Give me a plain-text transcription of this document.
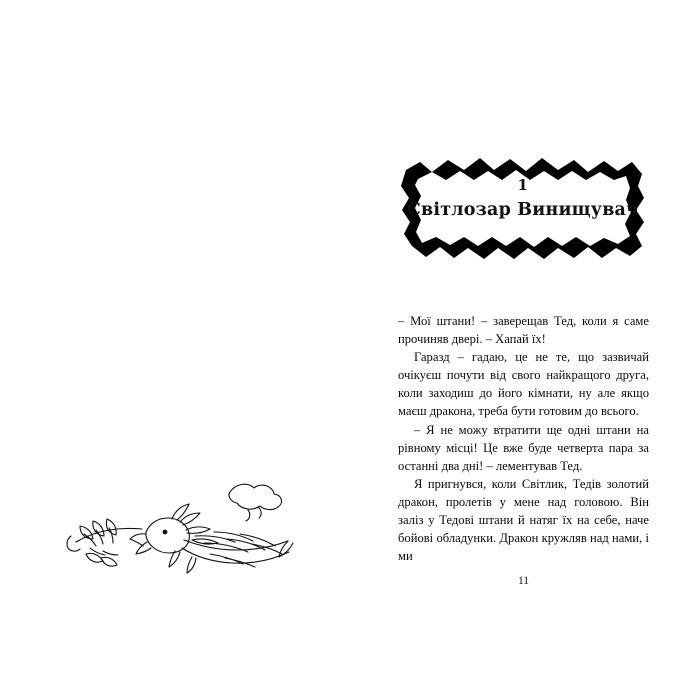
1
Світлозар Винищувач

– Мої штани! – заверещав Тед, коли я саме прочиняв двері. – Хапай їх!

Гаразд – гадаю, це не те, що зазвичай очікуєш почути від свого найкращого друга, коли заходиш до його кімнати, ну але якщо маєш дракона, треба бути готовим до всього.

– Я не можу втратити ще одні штани на рівному місці! Це вже буде четверта пара за останні два дні! – лементував Тед.

Я пригнувся, коли Світлик, Тедів золотий дракон, пролетів у мене над головою. Він заліз у Тедові штани й натяг їх на себе, наче бойові обладунки. Дракон кружляв над нами, і ми

11
